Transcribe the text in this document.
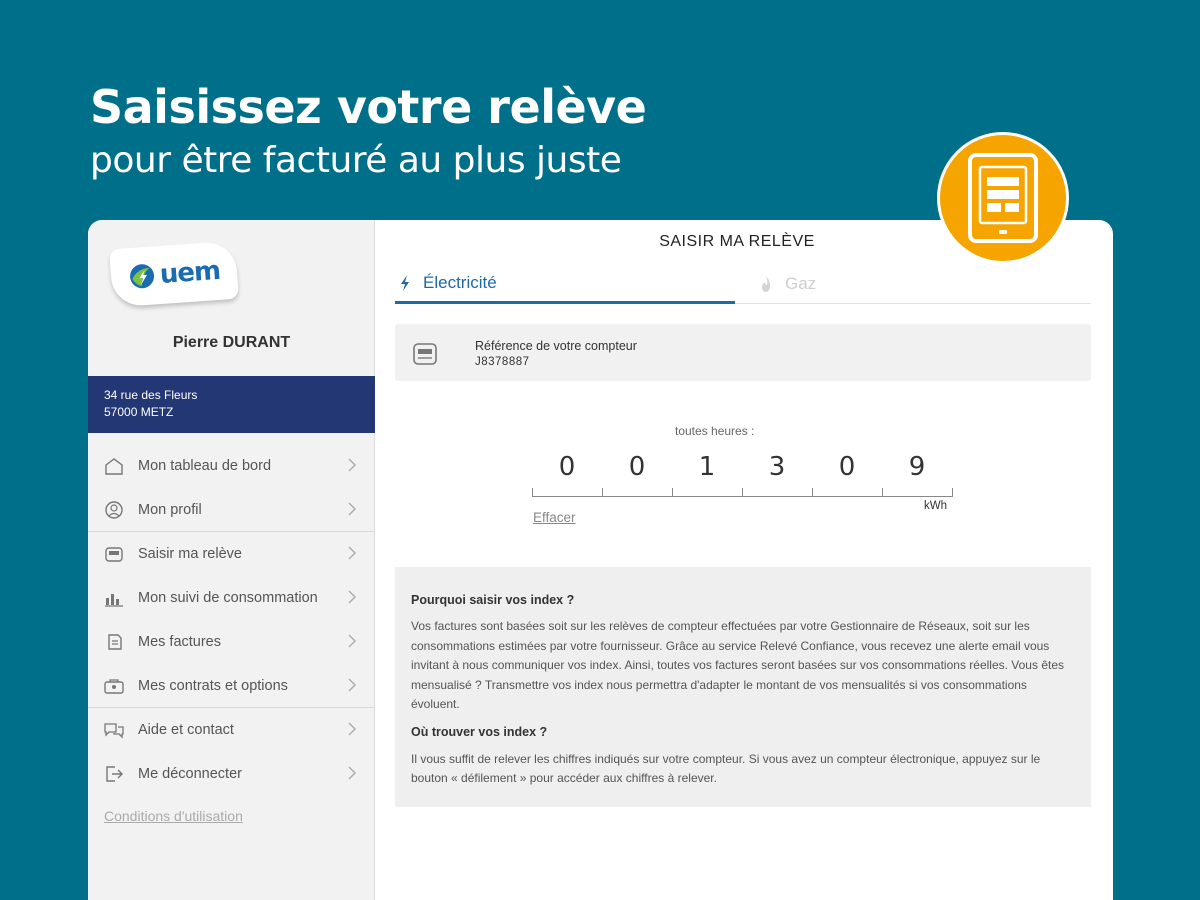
Saisissez votre relève
pour être facturé au plus juste
uem
Pierre DURANT
34 rue des Fleurs
57000 METZ
Mon tableau de bord
Mon profil
Saisir ma relève
Mon suivi de consommation
Mes factures
Mes contrats et options
Aide et contact
Me déconnecter
Conditions d'utilisation
SAISIR MA RELÈVE
Électricité	Gaz
Référence de votre compteur
J8378887
toutes heures :
0	0	1	3	0	9
kWh
Effacer
Pourquoi saisir vos index ?

Vos factures sont basées soit sur les relèves de compteur effectuées par votre Gestionnaire de Réseaux, soit sur les consommations estimées par votre fournisseur. Grâce au service Relevé Confiance, vous recevez une alerte email vous invitant à nous communiquer vos index. Ainsi, toutes vos factures seront basées sur vos consommations réelles. Vous êtes mensualisé ? Transmettre vos index nous permettra d'adapter le montant de vos mensualités si vos consommations évoluent.

Où trouver vos index ?

Il vous suffit de relever les chiffres indiqués sur votre compteur. Si vous avez un compteur électronique, appuyez sur le bouton « défilement » pour accéder aux chiffres à relever.
